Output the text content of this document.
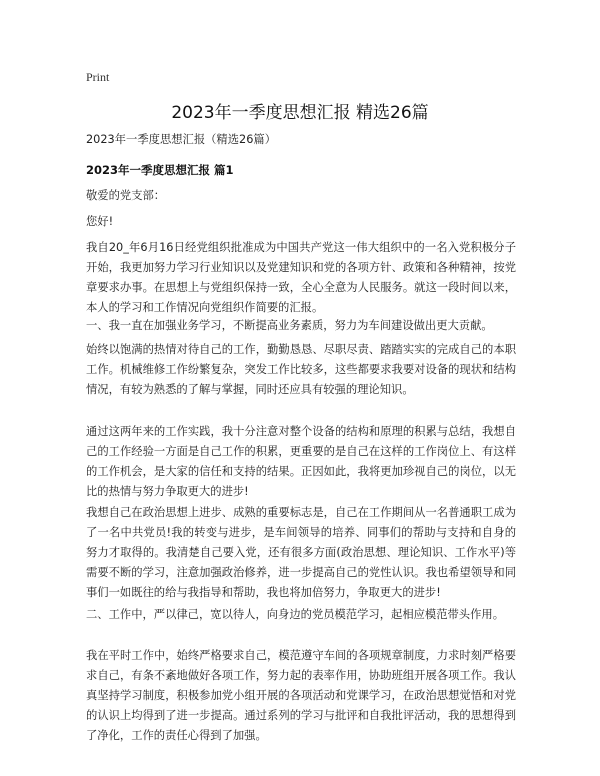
Print
2023年一季度思想汇报 精选26篇
2023年一季度思想汇报（精选26篇）
2023年一季度思想汇报 篇1
敬爱的党支部：
您好!
我自20_年6月16日经党组织批准成为中国共产党这一伟大组织中的一名入党积极分子开始，我更加努力学习行业知识以及党建知识和党的各项方针、政策和各种精神，按党章要求办事。在思想上与党组织保持一致，全心全意为人民服务。就这一段时间以来，本人的学习和工作情况向党组织作简要的汇报。
一、我一直在加强业务学习，不断提高业务素质，努力为车间建设做出更大贡献。
始终以饱满的热情对待自己的工作，勤勤恳恳、尽职尽责、踏踏实实的完成自己的本职工作。机械维修工作纷繁复杂，突发工作比较多，这些都要求我要对设备的现状和结构情况，有较为熟悉的了解与掌握，同时还应具有较强的理论知识。
通过这两年来的工作实践，我十分注意对整个设备的结构和原理的积累与总结，我想自己的工作经验一方面是自己工作的积累，更重要的是自己在这样的工作岗位上、有这样的工作机会，是大家的信任和支持的结果。正因如此，我将更加珍视自己的岗位，以无比的热情与努力争取更大的进步!
我想自己在政治思想上进步、成熟的重要标志是，自己在工作期间从一名普通职工成为了一名中共党员!我的转变与进步，是车间领导的培养、同事们的帮助与支持和自身的努力才取得的。我清楚自己要入党，还有很多方面(政治思想、理论知识、工作水平)等需要不断的学习，注意加强政治修养，进一步提高自己的党性认识。我也希望领导和同事们一如既往的给与我指导和帮助，我也将加倍努力，争取更大的进步!
二、工作中，严以律己，宽以待人，向身边的党员模范学习，起相应模范带头作用。
我在平时工作中，始终严格要求自己，模范遵守车间的各项规章制度，力求时刻严格要求自己，有条不紊地做好各项工作，努力起的表率作用，协助班组开展各项工作。我认真坚持学习制度，积极参加党小组开展的各项活动和党课学习，在政治思想觉悟和对党的认识上均得到了进一步提高。通过系列的学习与批评和自我批评活动，我的思想得到了净化，工作的责任心得到了加强。
